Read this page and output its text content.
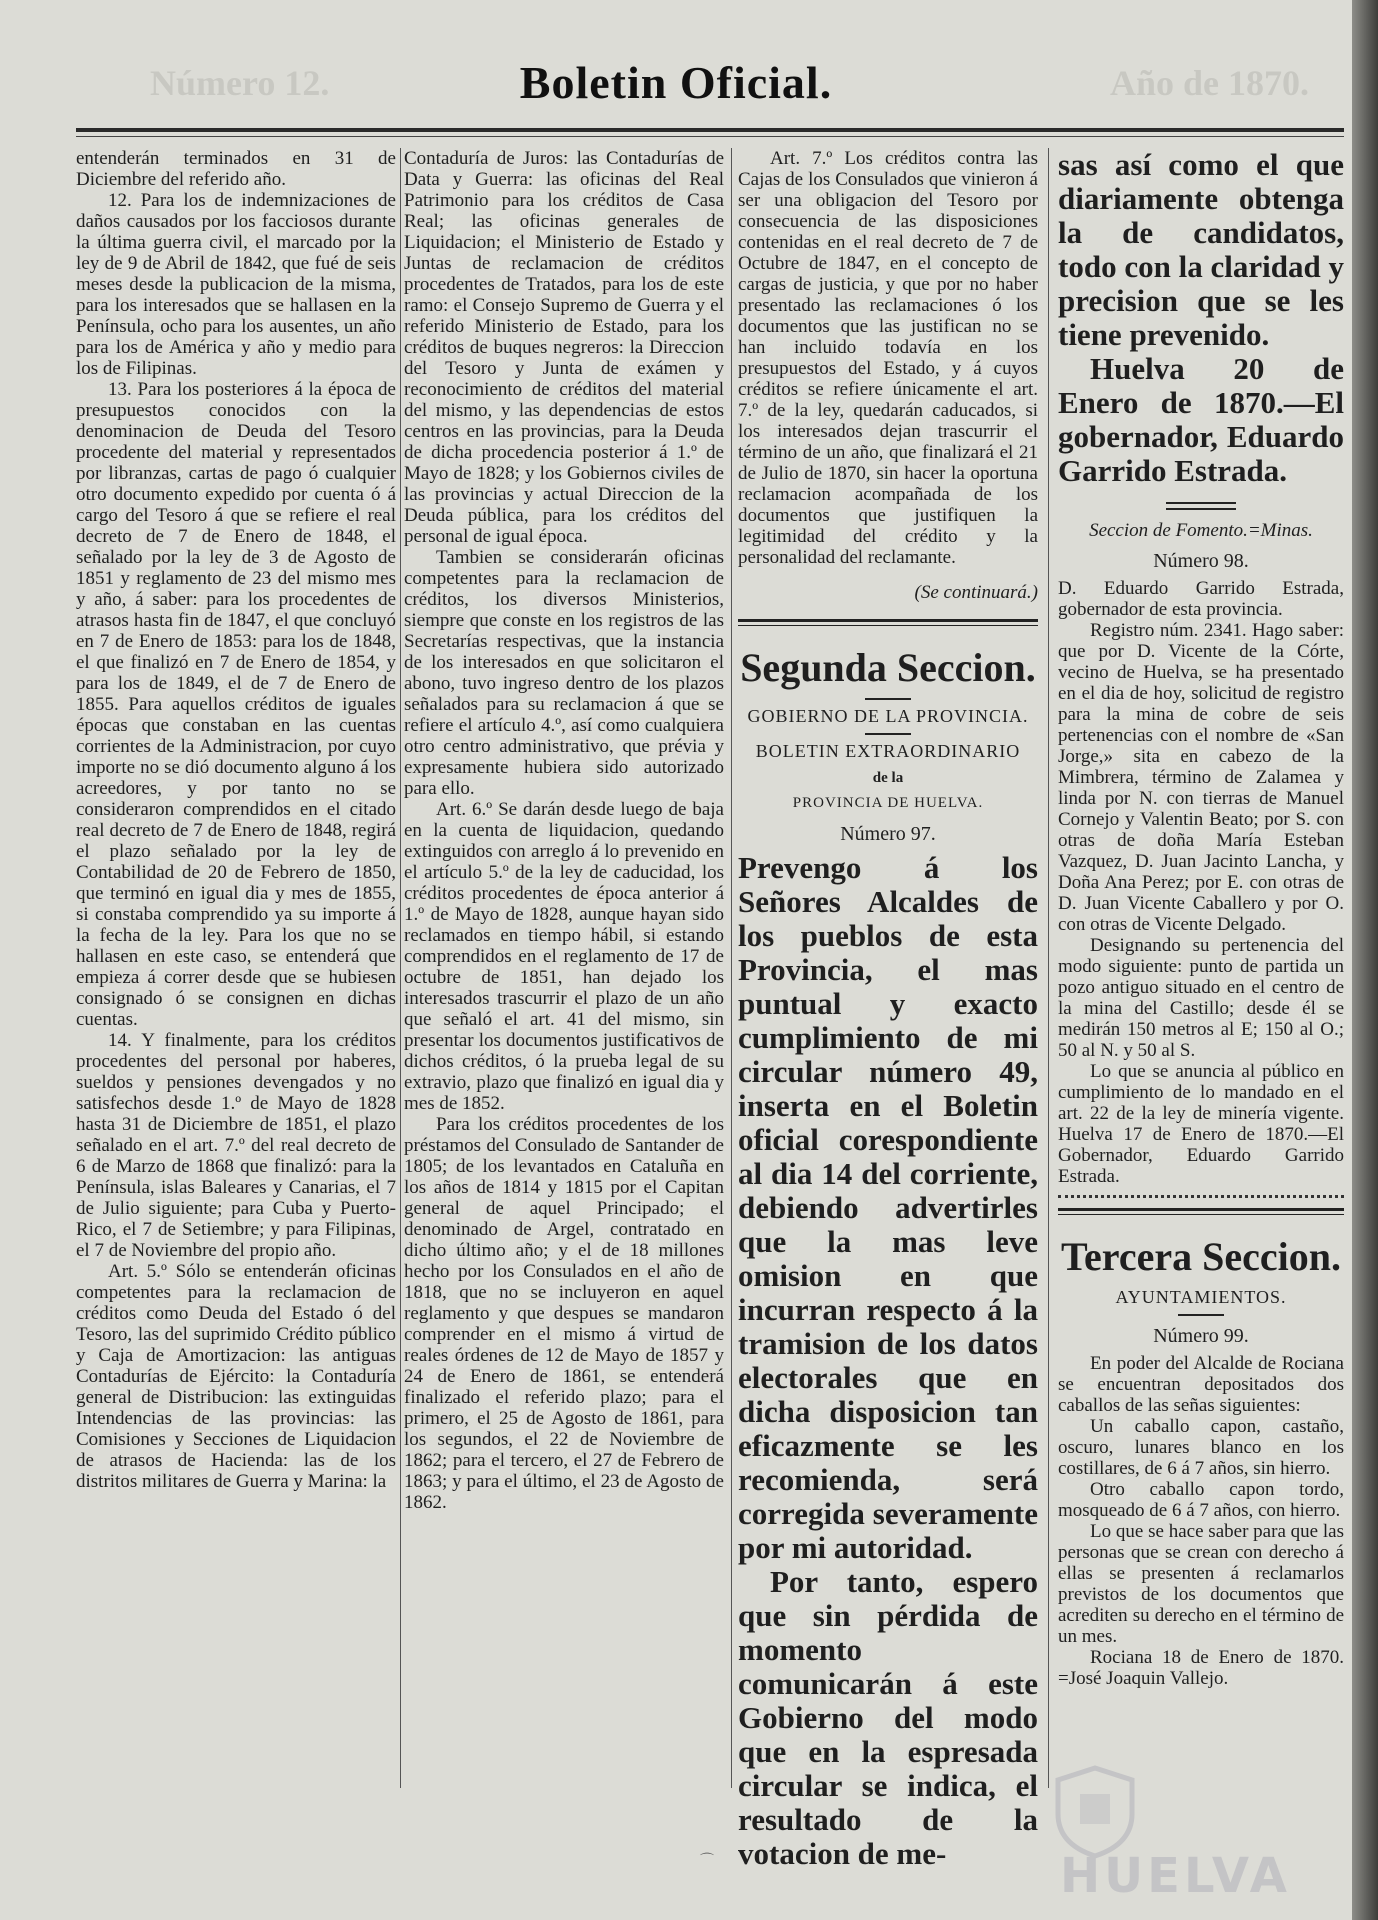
Número 12.	Año de 1870.
Boletin Oficial.

entenderán terminados en 31 de Diciembre del referido año.

12. Para los de indemnizaciones de daños causados por los facciosos durante la última guerra civil, el marcado por la ley de 9 de Abril de 1842, que fué de seis meses desde la publicacion de la misma, para los interesados que se hallasen en la Península, ocho para los ausentes, un año para los de América y año y medio para los de Filipinas.

13. Para los posteriores á la época de presupuestos conocidos con la denominacion de Deuda del Tesoro procedente del material y representados por libranzas, cartas de pago ó cualquier otro documento expedido por cuenta ó á cargo del Tesoro á que se refiere el real decreto de 7 de Enero de 1848, el señalado por la ley de 3 de Agosto de 1851 y reglamento de 23 del mismo mes y año, á saber: para los procedentes de atrasos hasta fin de 1847, el que concluyó en 7 de Enero de 1853: para los de 1848, el que finalizó en 7 de Enero de 1854, y para los de 1849, el de 7 de Enero de 1855. Para aquellos créditos de iguales épocas que constaban en las cuentas corrientes de la Administracion, por cuyo importe no se dió documento alguno á los acreedores, y por tanto no se consideraron comprendidos en el citado real decreto de 7 de Enero de 1848, regirá el plazo señalado por la ley de Contabilidad de 20 de Febrero de 1850, que terminó en igual dia y mes de 1855, si constaba comprendido ya su importe á la fecha de la ley. Para los que no se hallasen en este caso, se entenderá que empieza á correr desde que se hubiesen consignado ó se consignen en dichas cuentas.

14. Y finalmente, para los créditos procedentes del personal por haberes, sueldos y pensiones devengados y no satisfechos desde 1.º de Mayo de 1828 hasta 31 de Diciembre de 1851, el plazo señalado en el art. 7.º del real decreto de 6 de Marzo de 1868 que finalizó: para la Península, islas Baleares y Canarias, el 7 de Julio siguiente; para Cuba y Puerto-Rico, el 7 de Setiembre; y para Filipinas, el 7 de Noviembre del propio año.

Art. 5.º Sólo se entenderán oficinas competentes para la reclamacion de créditos como Deuda del Estado ó del Tesoro, las del suprimido Crédito público y Caja de Amortizacion: las antiguas Contadurías de Ejército: la Contaduría general de Distribucion: las extinguidas Intendencias de las provincias: las Comisiones y Secciones de Liquidacion de atrasos de Hacienda: las de los distritos militares de Guerra y Marina: la

Contaduría de Juros: las Contadurías de Data y Guerra: las oficinas del Real Patrimonio para los créditos de Casa Real; las oficinas generales de Liquidacion; el Ministerio de Estado y Juntas de reclamacion de créditos procedentes de Tratados, para los de este ramo: el Consejo Supremo de Guerra y el referido Ministerio de Estado, para los créditos de buques negreros: la Direccion del Tesoro y Junta de exámen y reconocimiento de créditos del material del mismo, y las dependencias de estos centros en las provincias, para la Deuda de dicha procedencia posterior á 1.º de Mayo de 1828; y los Gobiernos civiles de las provincias y actual Direccion de la Deuda pública, para los créditos del personal de igual época.

Tambien se considerarán oficinas competentes para la reclamacion de créditos, los diversos Ministerios, siempre que conste en los registros de las Secretarías respectivas, que la instancia de los interesados en que solicitaron el abono, tuvo ingreso dentro de los plazos señalados para su reclamacion á que se refiere el artículo 4.º, así como cualquiera otro centro administrativo, que prévia y expresamente hubiera sido autorizado para ello.

Art. 6.º Se darán desde luego de baja en la cuenta de liquidacion, quedando extinguidos con arreglo á lo prevenido en el artículo 5.º de la ley de caducidad, los créditos procedentes de época anterior á 1.º de Mayo de 1828, aunque hayan sido reclamados en tiempo hábil, si estando comprendidos en el reglamento de 17 de octubre de 1851, han dejado los interesados trascurrir el plazo de un año que señaló el art. 41 del mismo, sin presentar los documentos justificativos de dichos créditos, ó la prueba legal de su extravio, plazo que finalizó en igual dia y mes de 1852.

Para los créditos procedentes de los préstamos del Consulado de Santander de 1805; de los levantados en Cataluña en los años de 1814 y 1815 por el Capitan general de aquel Principado; el denominado de Argel, contratado en dicho último año; y el de 18 millones hecho por los Consulados en el año de 1818, que no se incluyeron en aquel reglamento y que despues se mandaron comprender en el mismo á virtud de reales órdenes de 12 de Mayo de 1857 y 24 de Enero de 1861, se entenderá finalizado el referido plazo; para el primero, el 25 de Agosto de 1861, para los segundos, el 22 de Noviembre de 1862; para el tercero, el 27 de Febrero de 1863; y para el último, el 23 de Agosto de 1862.

Art. 7.º Los créditos contra las Cajas de los Consulados que vinieron á ser una obligacion del Tesoro por consecuencia de las disposiciones contenidas en el real decreto de 7 de Octubre de 1847, en el concepto de cargas de justicia, y que por no haber presentado las reclamaciones ó los documentos que las justifican no se han incluido todavía en los presupuestos del Estado, y á cuyos créditos se refiere únicamente el art. 7.º de la ley, quedarán caducados, si los interesados dejan trascurrir el término de un año, que finalizará el 21 de Julio de 1870, sin hacer la oportuna reclamacion acompañada de los documentos que justifiquen la legitimidad del crédito y la personalidad del reclamante.

(Se continuará.)
Segunda Seccion.
GOBIERNO DE LA PROVINCIA.
BOLETIN EXTRAORDINARIO
de la
PROVINCIA DE HUELVA.
Número 97.

Prevengo á los Señores Alcaldes de los pueblos de esta Provincia, el mas puntual y exacto cumplimiento de mi circular número 49, inserta en el Boletin oficial corespondiente al dia 14 del corriente, debiendo advertirles que la mas leve omision en que incurran respecto á la tramision de los datos electorales que en dicha disposicion tan eficazmente se les recomienda, será corregida severamente por mi autoridad.

Por tanto, espero que sin pérdida de momento comunicarán á este Gobierno del modo que en la espresada circular se indica, el resultado de la votacion de me-

sas así como el que diariamente obtenga la de candidatos, todo con la claridad y precision que se les tiene prevenido.

Huelva 20 de Enero de 1870.—El gobernador, Eduardo Garrido Estrada.

Seccion de Fomento.=Minas.
Número 98.

D. Eduardo Garrido Estrada, gobernador de esta provincia.

Registro núm. 2341. Hago saber: que por D. Vicente de la Córte, vecino de Huelva, se ha presentado en el dia de hoy, solicitud de registro para la mina de cobre de seis pertenencias con el nombre de «San Jorge,» sita en cabezo de la Mimbrera, término de Zalamea y linda por N. con tierras de Manuel Cornejo y Valentin Beato; por S. con otras de doña María Esteban Vazquez, D. Juan Jacinto Lancha, y Doña Ana Perez; por E. con otras de D. Juan Vicente Caballero y por O. con otras de Vicente Delgado.

Designando su pertenencia del modo siguiente: punto de partida un pozo antiguo situado en el centro de la mina del Castillo; desde él se medirán 150 metros al E; 150 al O.; 50 al N. y 50 al S.

Lo que se anuncia al público en cumplimiento de lo mandado en el art. 22 de la ley de minería vigente. Huelva 17 de Enero de 1870.—El Gobernador, Eduardo Garrido Estrada.

Tercera Seccion.
AYUNTAMIENTOS.
Número 99.

En poder del Alcalde de Rociana se encuentran depositados dos caballos de las señas siguientes:

Un caballo capon, castaño, oscuro, lunares blanco en los costillares, de 6 á 7 años, sin hierro.

Otro caballo capon tordo, mosqueado de 6 á 7 años, con hierro.

Lo que se hace saber para que las personas que se crean con derecho á ellas se presenten á reclamarlos previstos de los documentos que acrediten su derecho en el término de un mes.

Rociana 18 de Enero de 1870. =José Joaquin Vallejo.

HUELVA
⌒
